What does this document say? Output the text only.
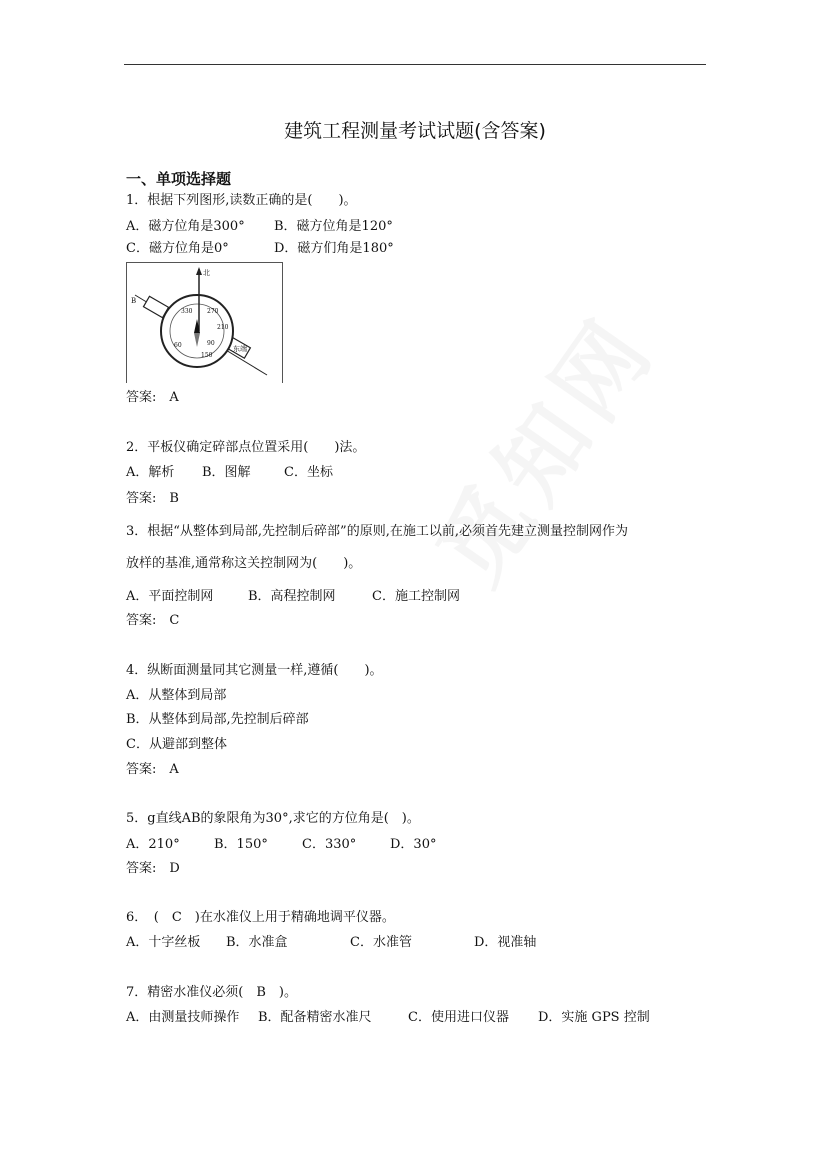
建筑工程测量考试试题(含答案)
一、单项选择题
1．根据下列图形,读数正确的是(　　)。
A．磁方位角是300° B．磁方位角是120°
C．磁方位角是0°	D．磁方们角是180°
北
东端
B
330 270
60	90
150
210
答案:　A
2．平板仪确定碎部点位置采用(　　)法。
A．解析 B．图解	C．坐标
答案:　B
3．根据“从整体到局部,先控制后碎部”的原则,在施工以前,必须首先建立测量控制网作为
放样的基准,通常称这关控制网为(　　)。
A．平面控制网	B．高程控制网	C．施工控制网
答案:　C
4．纵断面测量同其它测量一样,遵循(　　)。
A．从整体到局部
B．从整体到局部,先控制后碎部
C．从避部到整体
答案:　A
5．g直线AB的象限角为30°,求它的方位角是(　)。
A．210°	B．150°	C．330°	D．30°
答案:　D
6．　(　C　)在水准仪上用于精确地调平仪器。
A．十字丝板 B．水准盒	C．水准管	D．视准轴
7．精密水准仪必须(　B　)。
A．由测量技师操作 B．配备精密水准尺	C．使用进口仪器 D．实施 GPS 控制
